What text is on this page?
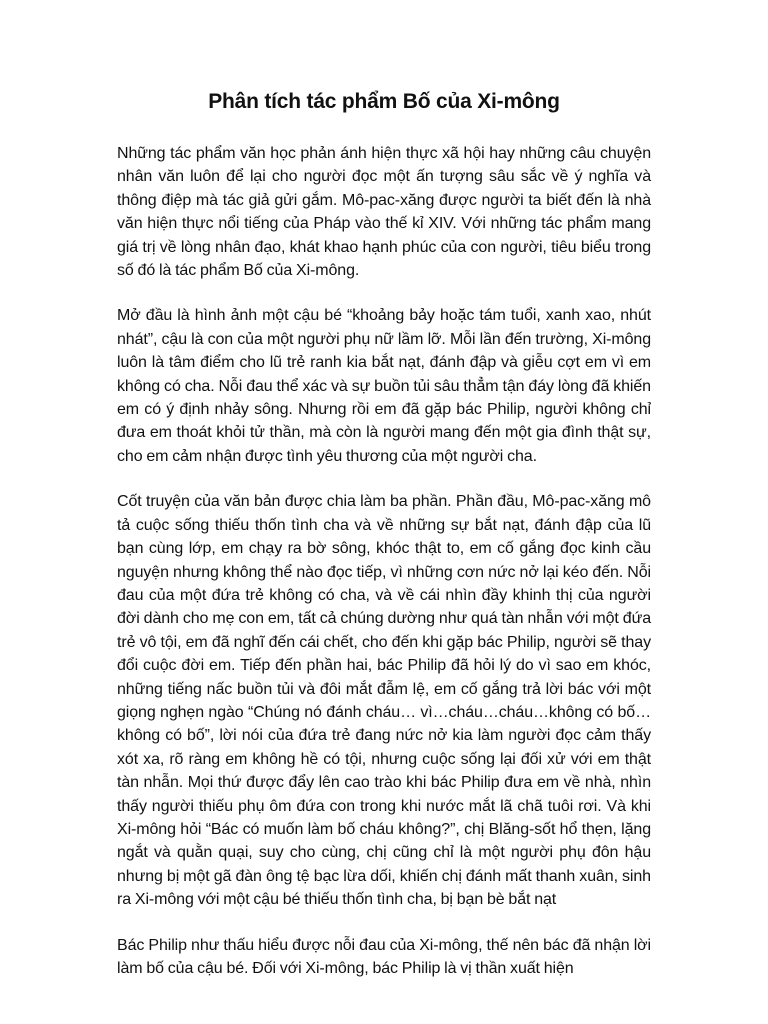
Phân tích tác phẩm Bố của Xi-mông

Những tác phẩm văn học phản ánh hiện thực xã hội hay những câu chuyện nhân văn luôn để lại cho người đọc một ấn tượng sâu sắc về ý nghĩa và thông điệp mà tác giả gửi gắm. Mô-pac-xăng được người ta biết đến là nhà văn hiện thực nổi tiếng của Pháp vào thế kỉ XIV. Với những tác phẩm mang giá trị về lòng nhân đạo, khát khao hạnh phúc của con người, tiêu biểu trong số đó là tác phẩm Bố của Xi-mông.

Mở đầu là hình ảnh một cậu bé “khoảng bảy hoặc tám tuổi, xanh xao, nhút nhát”, cậu là con của một người phụ nữ lầm lỡ. Mỗi lần đến trường, Xi-mông luôn là tâm điểm cho lũ trẻ ranh kia bắt nạt, đánh đập và giễu cợt em vì em không có cha. Nỗi đau thể xác và sự buồn tủi sâu thẳm tận đáy lòng đã khiến em có ý định nhảy sông. Nhưng rồi em đã gặp bác Philip, người không chỉ đưa em thoát khỏi tử thần, mà còn là người mang đến một gia đình thật sự, cho em cảm nhận được tình yêu thương của một người cha.

Cốt truyện của văn bản được chia làm ba phần. Phần đầu, Mô-pac-xăng mô tả cuộc sống thiếu thốn tình cha và về những sự bắt nạt, đánh đập của lũ bạn cùng lớp, em chạy ra bờ sông, khóc thật to, em cố gắng đọc kinh cầu nguyện nhưng không thể nào đọc tiếp, vì những cơn nức nở lại kéo đến. Nỗi đau của một đứa trẻ không có cha, và về cái nhìn đầy khinh thị của người đời dành cho mẹ con em, tất cả chúng dường như quá tàn nhẫn với một đứa trẻ vô tội, em đã nghĩ đến cái chết, cho đến khi gặp bác Philip, người sẽ thay đổi cuộc đời em. Tiếp đến phần hai, bác Philip đã hỏi lý do vì sao em khóc, những tiếng nấc buồn tủi và đôi mắt đẫm lệ, em cố gắng trả lời bác với một giọng nghẹn ngào “Chúng nó đánh cháu… vì…cháu…cháu…không có bố…không có bố”, lời nói của đứa trẻ đang nức nở kia làm người đọc cảm thấy xót xa, rõ ràng em không hề có tội, nhưng cuộc sống lại đối xử với em thật tàn nhẫn. Mọi thứ được đẩy lên cao trào khi bác Philip đưa em về nhà, nhìn thấy người thiếu phụ ôm đứa con trong khi nước mắt lã chã tuôi rơi. Và khi Xi-mông hỏi “Bác có muốn làm bố cháu không?”, chị Blăng-sốt hổ thẹn, lặng ngắt và quằn quại, suy cho cùng, chị cũng chỉ là một người phụ đôn hậu nhưng bị một gã đàn ông tệ bạc lừa dối, khiến chị đánh mất thanh xuân, sinh ra Xi-mông với một cậu bé thiếu thốn tình cha, bị bạn bè bắt nạt

Bác Philip như thấu hiểu được nỗi đau của Xi-mông, thế nên bác đã nhận lời làm bố của cậu bé. Đối với Xi-mông, bác Philip là vị thần xuất hiện
